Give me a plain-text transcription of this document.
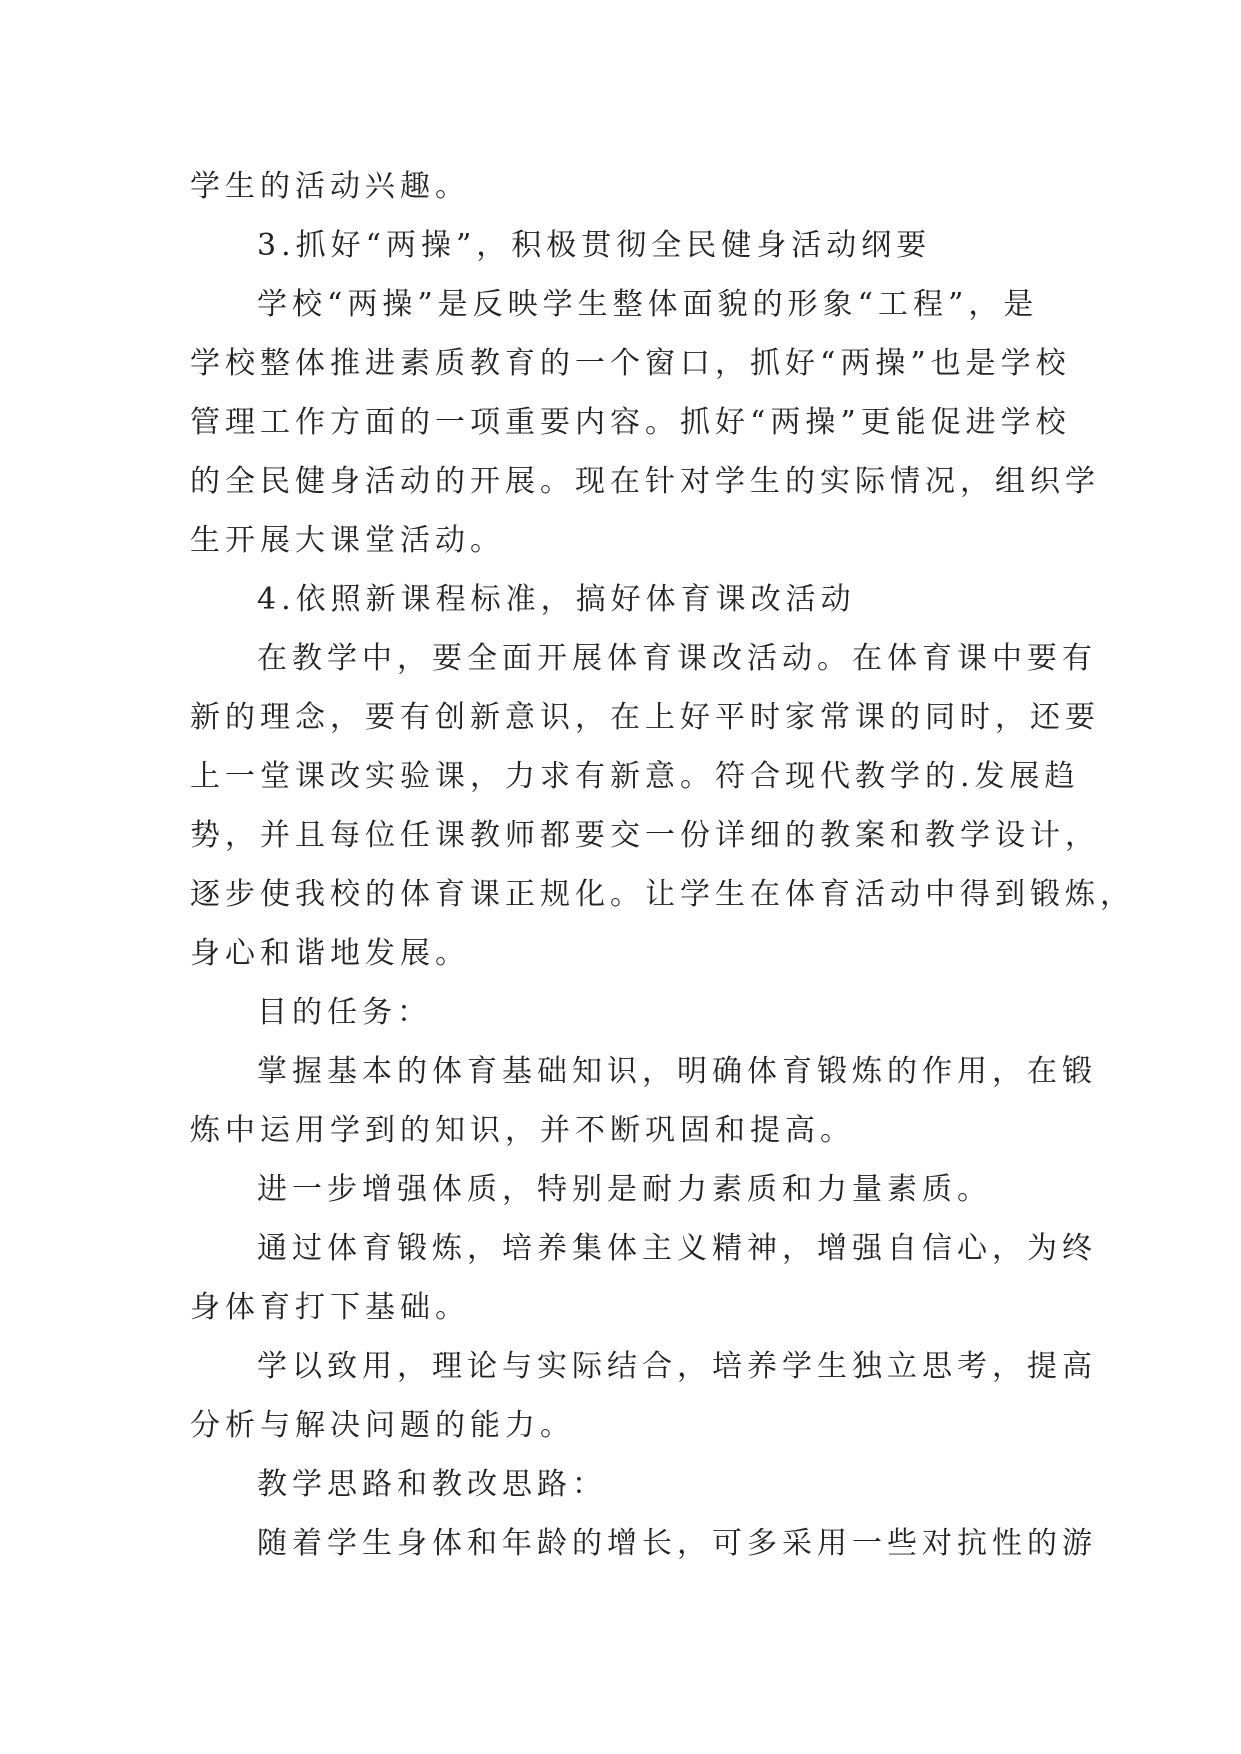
学生的活动兴趣。
3.抓好“两操”，积极贯彻全民健身活动纲要
学校“两操”是反映学生整体面貌的形象“工程”，是
学校整体推进素质教育的一个窗口，抓好“两操”也是学校
管理工作方面的一项重要内容。抓好“两操”更能促进学校
的全民健身活动的开展。现在针对学生的实际情况，组织学
生开展大课堂活动。
4.依照新课程标准，搞好体育课改活动
在教学中，要全面开展体育课改活动。在体育课中要有
新的理念，要有创新意识，在上好平时家常课的同时，还要
上一堂课改实验课，力求有新意。符合现代教学的.发展趋
势，并且每位任课教师都要交一份详细的教案和教学设计，
逐步使我校的体育课正规化。让学生在体育活动中得到锻炼，
身心和谐地发展。
目的任务：
掌握基本的体育基础知识，明确体育锻炼的作用，在锻
炼中运用学到的知识，并不断巩固和提高。
进一步增强体质，特别是耐力素质和力量素质。
通过体育锻炼，培养集体主义精神，增强自信心，为终
身体育打下基础。
学以致用，理论与实际结合，培养学生独立思考，提高
分析与解决问题的能力。
教学思路和教改思路：
随着学生身体和年龄的增长，可多采用一些对抗性的游
